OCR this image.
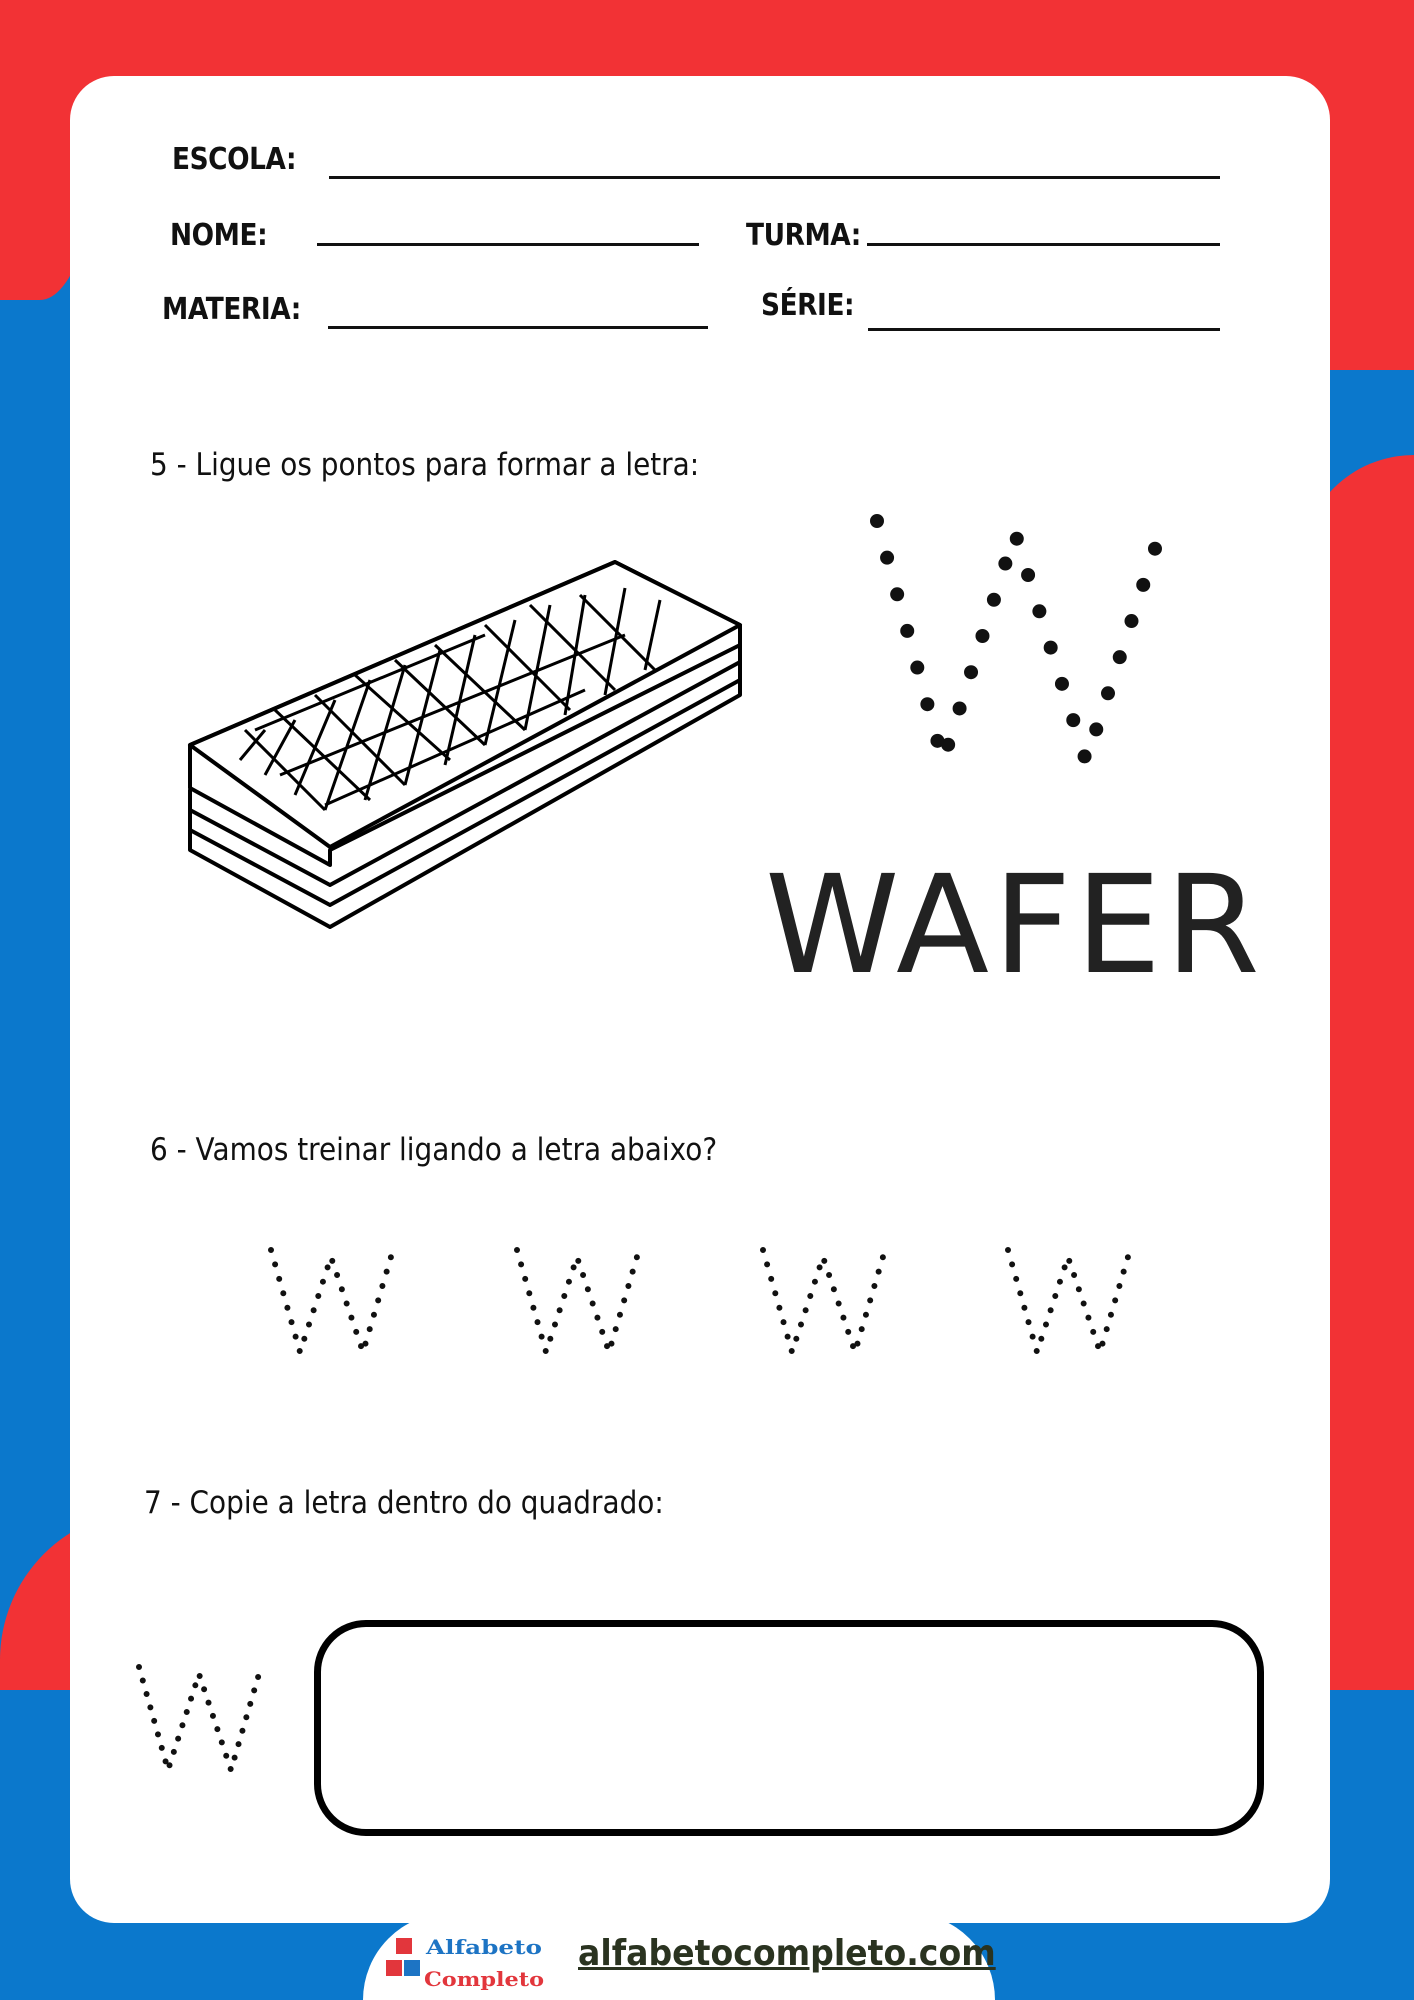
ESCOLA:
NOME:	TURMA:
MATERIA:	SÉRIE:
5 - Ligue os pontos para formar a letra:
W
WAFER
6 - Vamos treinar ligando a letra abaixo?
7 - Copie a letra dentro do quadrado:
Alfabeto
Completo
alfabetocompleto.com
